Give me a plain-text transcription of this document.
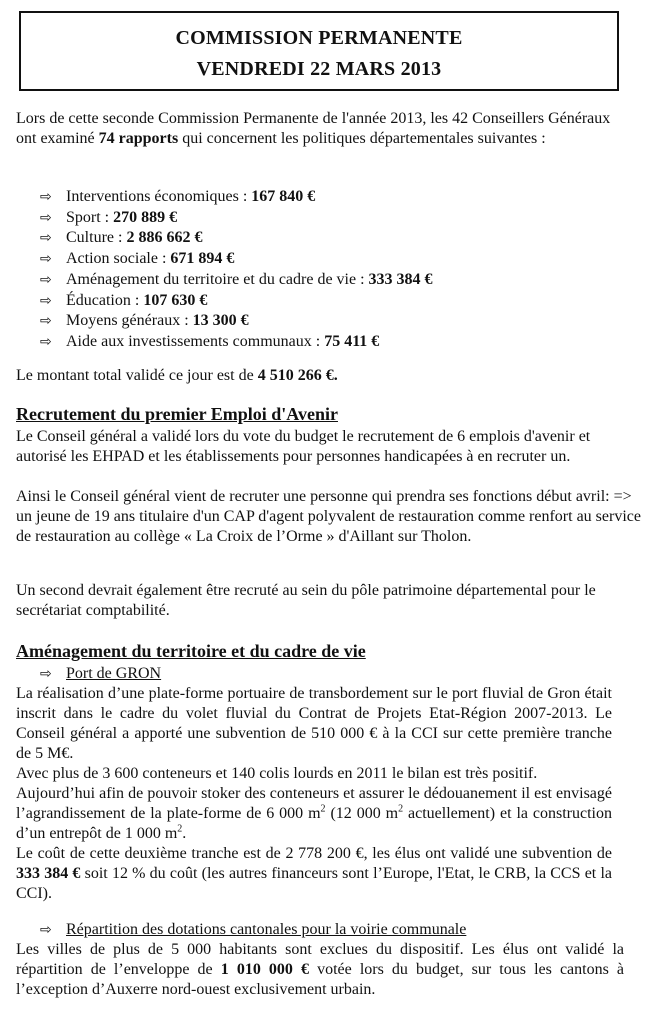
COMMISSION PERMANENTE
VENDREDI 22 MARS 2013
Lors de cette seconde Commission Permanente de l'année 2013, les 42 Conseillers Généraux ont examiné 74 rapports qui concernent les politiques départementales suivantes :
⇨ Interventions économiques : 167 840 €
⇨ Sport : 270 889 €
⇨ Culture : 2 886 662 €
⇨ Action sociale : 671 894 €
⇨ Aménagement du territoire et du cadre de vie : 333 384 €
⇨ Éducation : 107 630 €
⇨ Moyens généraux : 13 300 €
⇨ Aide aux investissements communaux : 75 411 €
Le montant total validé ce jour est de 4 510 266 €.
Recrutement du premier Emploi d'Avenir
Le Conseil général a validé lors du vote du budget le recrutement de 6 emplois d'avenir et autorisé les EHPAD et les établissements pour personnes handicapées à en recruter un.
Ainsi le Conseil général vient de recruter une personne qui prendra ses fonctions début avril: => un jeune de 19 ans titulaire d'un CAP d'agent polyvalent de restauration comme renfort au service de restauration au collège « La Croix de l’Orme » d'Aillant sur Tholon.
Un second devrait également être recruté au sein du pôle patrimoine départemental pour le secrétariat comptabilité.
Aménagement du territoire et du cadre de vie
⇨ Port de GRON
La réalisation d’une plate-forme portuaire de transbordement sur le port fluvial de Gron était inscrit dans le cadre du volet fluvial du Contrat de Projets Etat-Région 2007-2013. Le Conseil général a apporté une subvention de 510 000 € à la CCI sur cette première tranche de 5 M€.
Avec plus de 3 600 conteneurs et 140 colis lourds en 2011 le bilan est très positif.
Aujourd’hui afin de pouvoir stoker des conteneurs et assurer le dédouanement il est envisagé l’agrandissement de la plate-forme de 6 000 $m^2$ (12 000 $m^2$ actuellement) et la construction d’un entrepôt de 1 000 $m^2$.
Le coût de cette deuxième tranche est de 2 778 200 €, les élus ont validé une subvention de 333 384 € soit 12 % du coût (les autres financeurs sont l’Europe, l'Etat, le CRB, la CCS et la CCI).
⇨ Répartition des dotations cantonales pour la voirie communale
Les villes de plus de 5 000 habitants sont exclues du dispositif. Les élus ont validé la répartition de l’enveloppe de 1 010 000 € votée lors du budget, sur tous les cantons à l’exception d’Auxerre nord-ouest exclusivement urbain.
